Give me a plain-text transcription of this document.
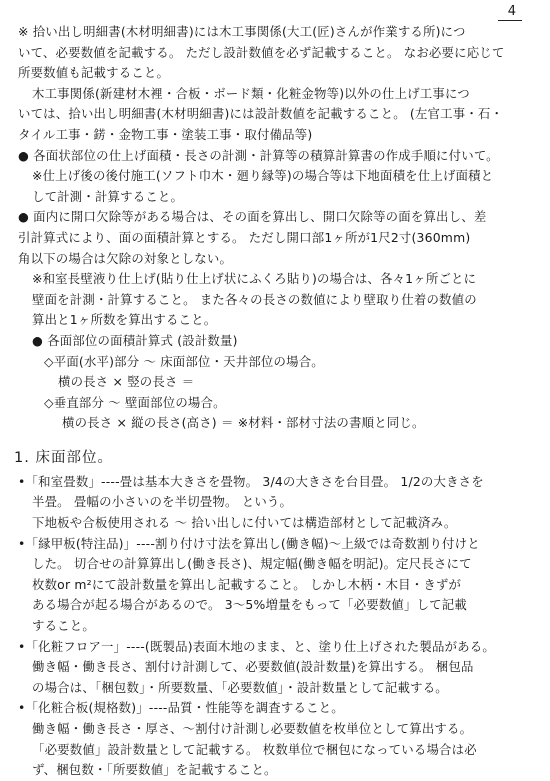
4
※ 拾い出し明細書(木材明細書)には木工事関係(大工(匠)さんが作業する所)につ
いて、必要数値を記載する。 ただし設計数値を必ず記載すること。 なお必要に応じて
所要数値も記載すること。
木工事関係(新建材木裡・合板・ボード類・化粧金物等)以外の仕上げ工事につ
いては、拾い出し明細書(木材明細書)には設計数値を記載すること。 (左官工事・石・
タイル工事・錺・金物工事・塗装工事・取付備品等)
● 各面状部位の仕上げ面積・長さの計測・計算等の積算計算書の作成手順に付いて。
※仕上げ後の後付施工(ソフト巾木・廻り縁等)の場合等は下地面積を仕上げ面積と
して計測・計算すること。
● 面内に開口欠除等がある場合は、その面を算出し、開口欠除等の面を算出し、差
引計算式により、面の面積計算とする。 ただし開口部1ヶ所が1尺2寸(360mm)
角以下の場合は欠除の対象としない。
※和室長壁液り仕上げ(貼り仕上げ状にふくろ貼り)の場合は、各々1ヶ所ごとに
壁面を計測・計算すること。 また各々の長さの数値により壁取り仕着の数値の
算出と1ヶ所数を算出すること。
● 各面部位の面積計算式 (設計数量)
◇平面(水平)部分 〜 床面部位・天井部位の場合。
横の長さ × 竪の長さ ＝
◇垂直部分 〜 壁面部位の場合。
横の長さ × 縦の長さ(高さ) ＝ ※材料・部材寸法の書順と同じ。
1. 床面部位。
•「和室畳数」----畳は基本大きさを畳物。 3/4の大きさを台目畳。 1/2の大きさを
半畳。 畳幅の小さいのを半切畳物。 という。
下地板や合板使用される 〜 拾い出しに付いては構造部材として記載済み。
•「縁甲板(特注品)」----割り付け寸法を算出し(働き幅)〜上級では奇数割り付けと
した。 切合せの計算算出し(働き長さ)、規定幅(働き幅を明記)。定尺長さにて
枚数or m²にて設計数量を算出し記載すること。 しかし木柄・木目・きずが
ある場合が起る場合があるので。 3〜5%増量をもって「必要数値」して記載
すること。
•「化粧フロア一」----(既製品)表面木地のまま、と、塗り仕上げされた製品がある。
働き幅・働き長さ、割付け計測して、必要数値(設計数量)を算出する。 梱包品
の場合は、「梱包数」・所要数量、「必要数値」・設計数量として記載する。
•「化粧合板(規格数)」----品質・性能等を調査すること。
働き幅・働き長さ・厚さ、〜割付け計測し必要数値を枚単位として算出する。
「必要数値」設計数量として記載する。 枚数単位で梱包になっている場合は必
ず、梱包数・「所要数値」を記載すること。
